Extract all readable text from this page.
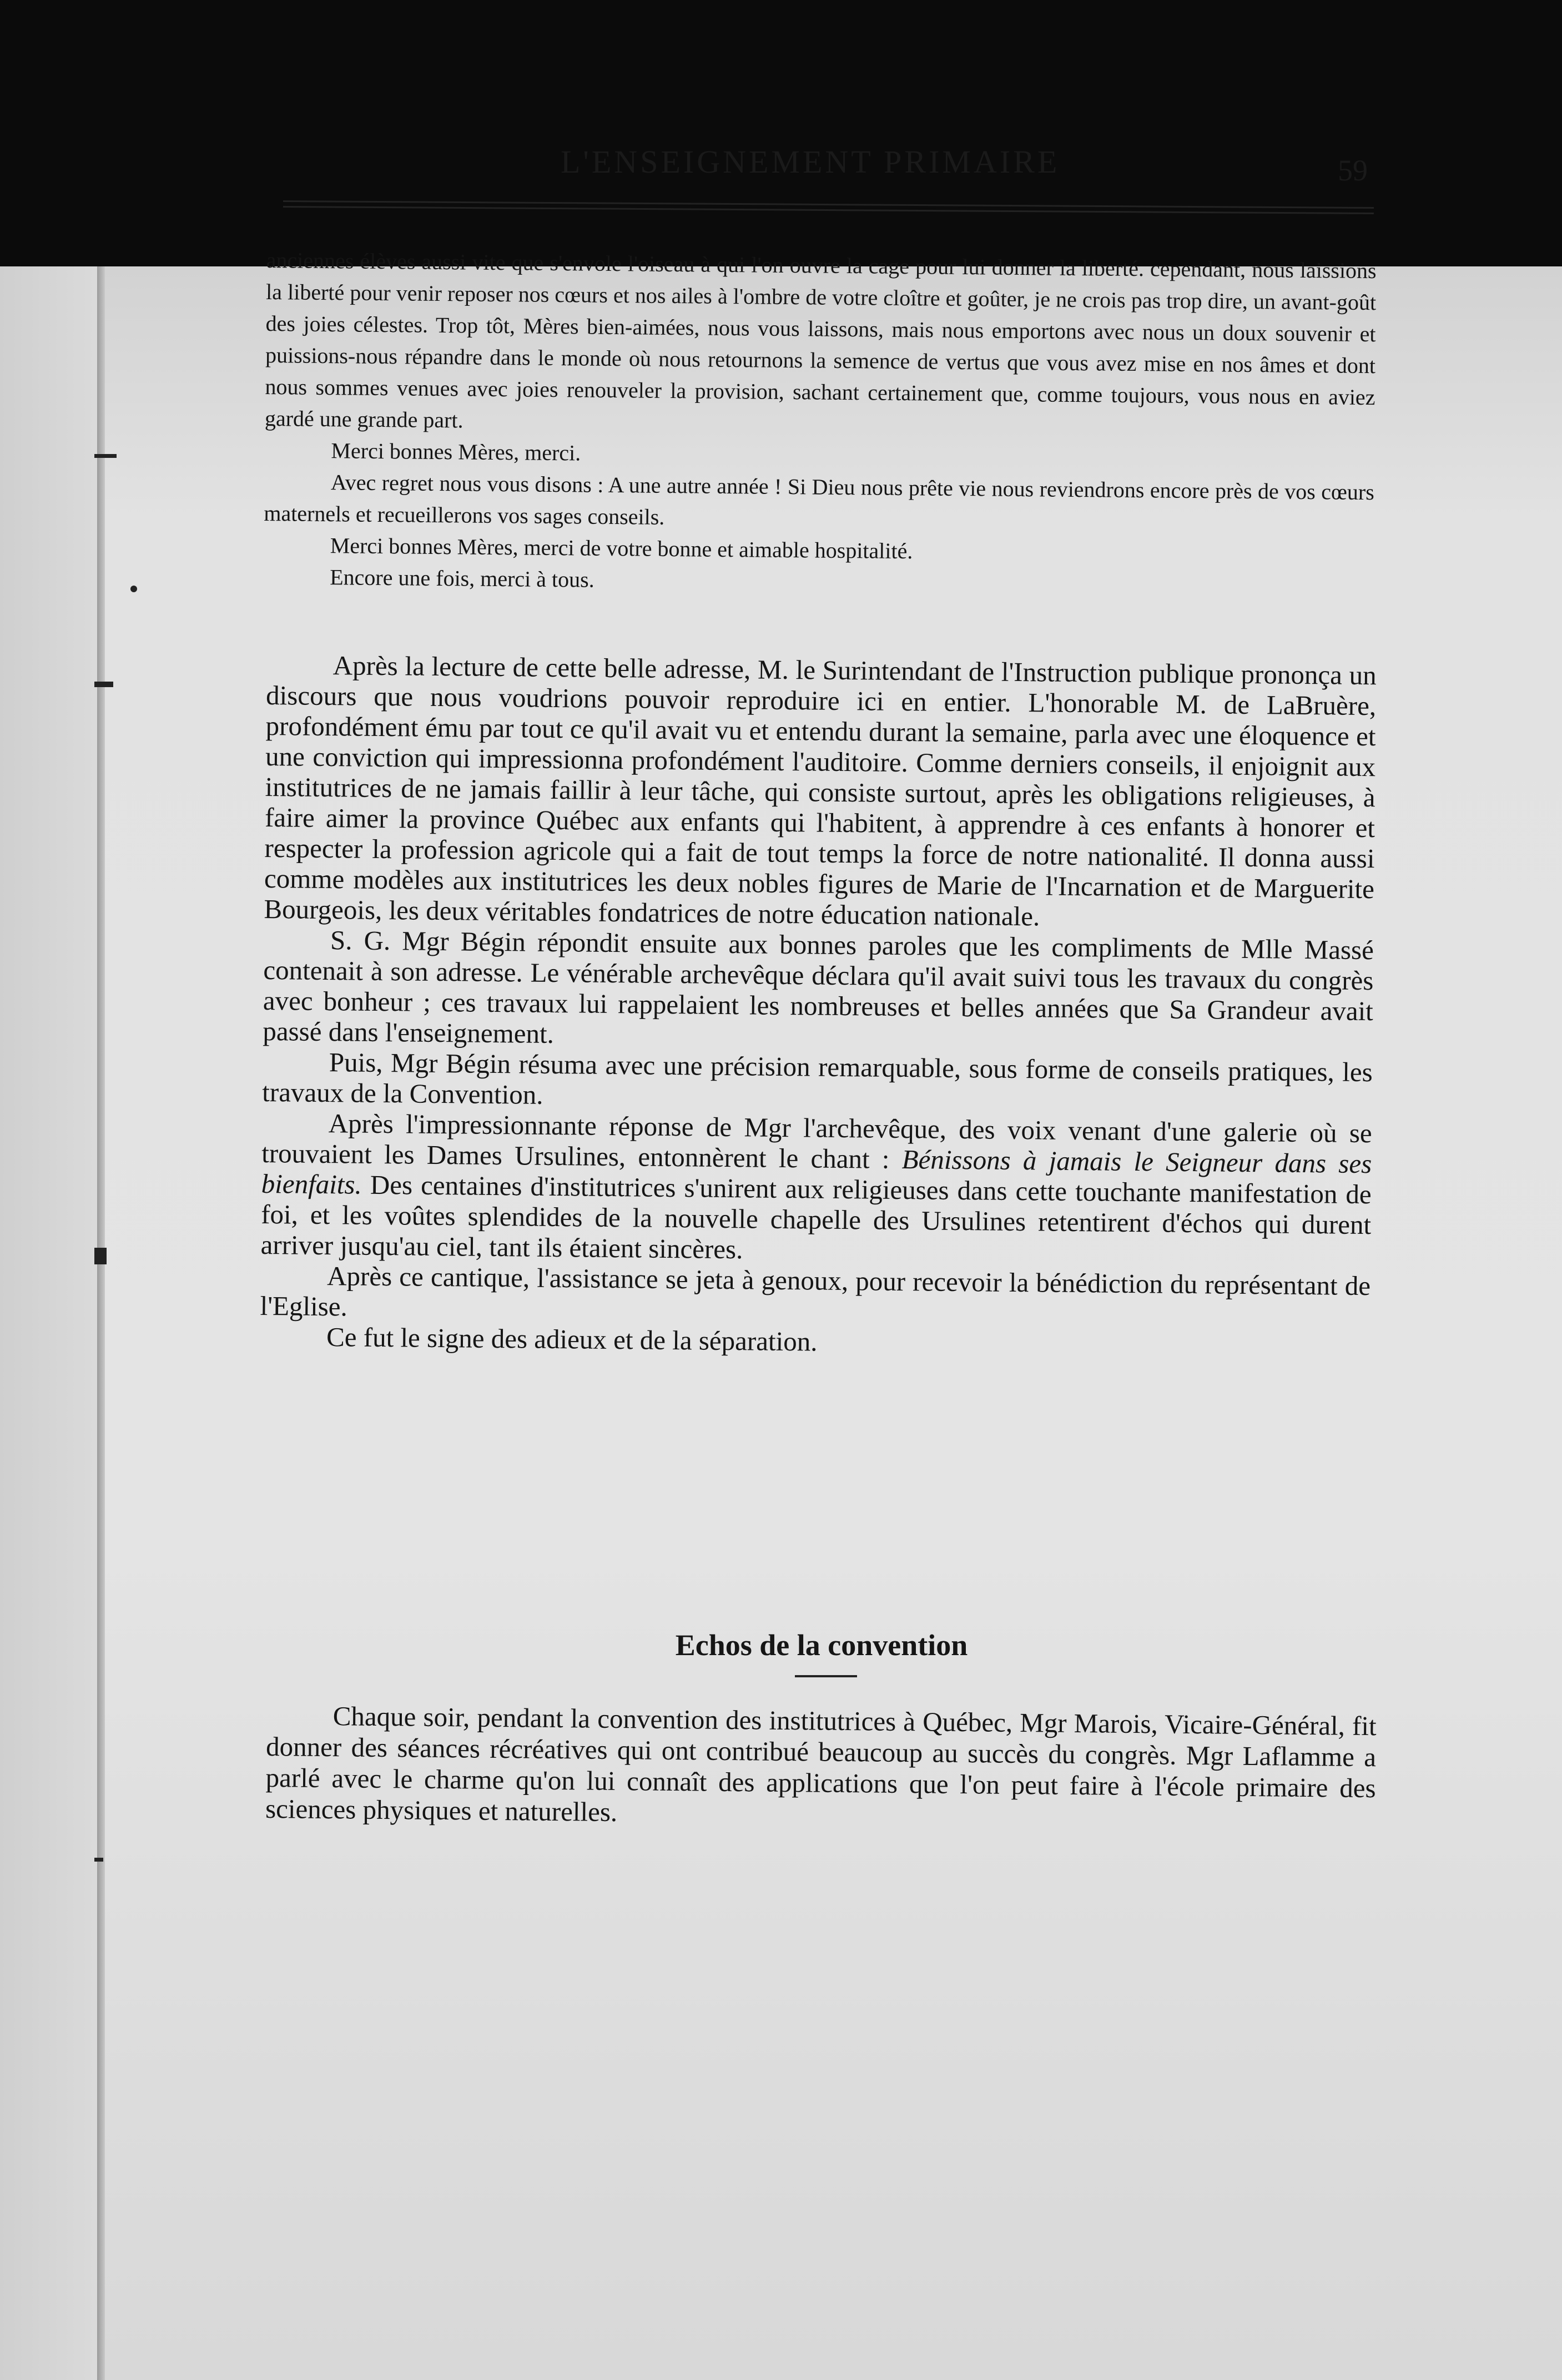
L'ENSEIGNEMENT PRIMAIRE	59

anciennes élèves aussi vite que s'envole l'oiseau à qui l'on ouvre la cage pour lui donner la liberté. cependant, nous laissions la liberté pour venir reposer nos cœurs et nos ailes à l'ombre de votre cloître et goûter, je ne crois pas trop dire, un avant-goût des joies célestes. Trop tôt, Mères bien-aimées, nous vous laissons, mais nous emportons avec nous un doux souvenir et puissions-nous répandre dans le monde où nous retournons la semence de vertus que vous avez mise en nos âmes et dont nous sommes venues avec joies renouveler la provision, sachant certainement que, comme toujours, vous nous en aviez gardé une grande part.

Merci bonnes Mères, merci.

Avec regret nous vous disons : A une autre année ! Si Dieu nous prête vie nous reviendrons encore près de vos cœurs maternels et recueillerons vos sages conseils.

Merci bonnes Mères, merci de votre bonne et aimable hospitalité.

Encore une fois, merci à tous.

Après la lecture de cette belle adresse, M. le Surintendant de l'Instruction publique prononça un discours que nous voudrions pouvoir reproduire ici en entier. L'honorable M. de LaBruère, profondément ému par tout ce qu'il avait vu et entendu durant la semaine, parla avec une éloquence et une conviction qui impressionna profondément l'auditoire. Comme derniers conseils, il enjoignit aux institutrices de ne jamais faillir à leur tâche, qui consiste surtout, après les obligations religieuses, à faire aimer la province Québec aux enfants qui l'habitent, à apprendre à ces enfants à honorer et respecter la profession agricole qui a fait de tout temps la force de notre nationalité. Il donna aussi comme modèles aux institutrices les deux nobles figures de Marie de l'Incarnation et de Marguerite Bourgeois, les deux véritables fondatrices de notre éducation nationale.

S. G. Mgr Bégin répondit ensuite aux bonnes paroles que les compliments de Mlle Massé contenait à son adresse. Le vénérable archevêque déclara qu'il avait suivi tous les travaux du congrès avec bonheur ; ces travaux lui rappelaient les nombreuses et belles années que Sa Grandeur avait passé dans l'enseignement.

Puis, Mgr Bégin résuma avec une précision remarquable, sous forme de conseils pratiques, les travaux de la Convention.

Après l'impressionnante réponse de Mgr l'archevêque, des voix venant d'une galerie où se trouvaient les Dames Ursulines, entonnèrent le chant : Bénissons à jamais le Seigneur dans ses bienfaits. Des centaines d'institutrices s'unirent aux religieuses dans cette touchante manifestation de foi, et les voûtes splendides de la nouvelle chapelle des Ursulines retentirent d'échos qui durent arriver jusqu'au ciel, tant ils étaient sincères.

Après ce cantique, l'assistance se jeta à genoux, pour recevoir la bénédiction du représentant de l'Eglise.

Ce fut le signe des adieux et de la séparation.

Echos de la convention

Chaque soir, pendant la convention des institutrices à Québec, Mgr Marois, Vicaire-Général, fit donner des séances récréatives qui ont contribué beaucoup au succès du congrès. Mgr Laflamme a parlé avec le charme qu'on lui connaît des applications que l'on peut faire à l'école primaire des sciences physiques et naturelles.
